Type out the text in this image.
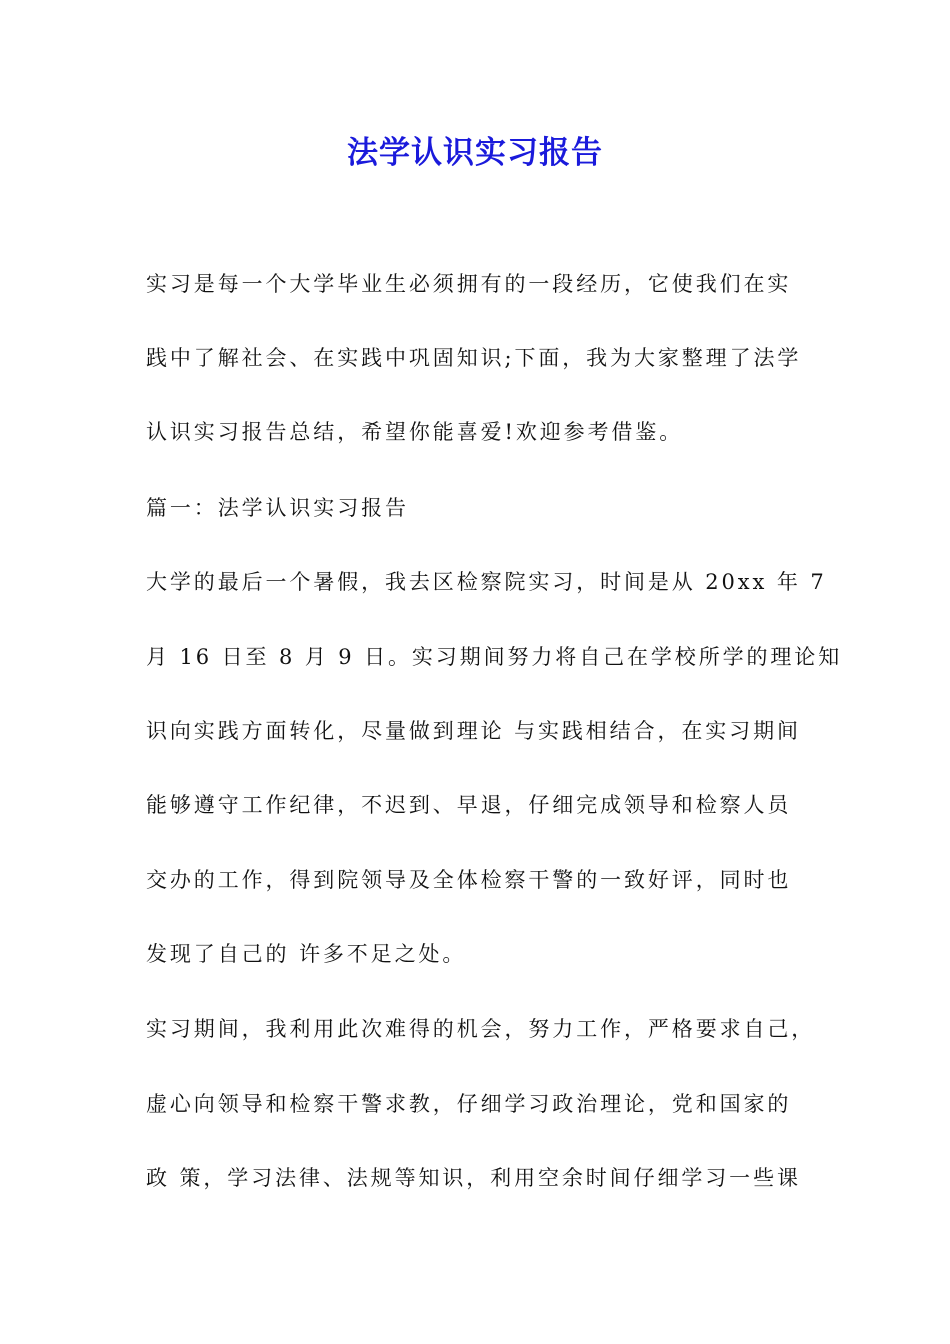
法学认识实习报告
实习是每一个大学毕业生必须拥有的一段经历，它使我们在实
践中了解社会、在实践中巩固知识;下面，我为大家整理了法学
认识实习报告总结，希望你能喜爱!欢迎参考借鉴。
篇一：法学认识实习报告
大学的最后一个暑假，我去区检察院实习，时间是从 20xx 年 7
月 16 日至 8 月 9 日。实习期间努力将自己在学校所学的理论知
识向实践方面转化，尽量做到理论 与实践相结合，在实习期间
能够遵守工作纪律，不迟到、早退，仔细完成领导和检察人员
交办的工作，得到院领导及全体检察干警的一致好评，同时也
发现了自己的 许多不足之处。
实习期间，我利用此次难得的机会，努力工作，严格要求自己，
虚心向领导和检察干警求教，仔细学习政治理论，党和国家的
政 策，学习法律、法规等知识，利用空余时间仔细学习一些课
